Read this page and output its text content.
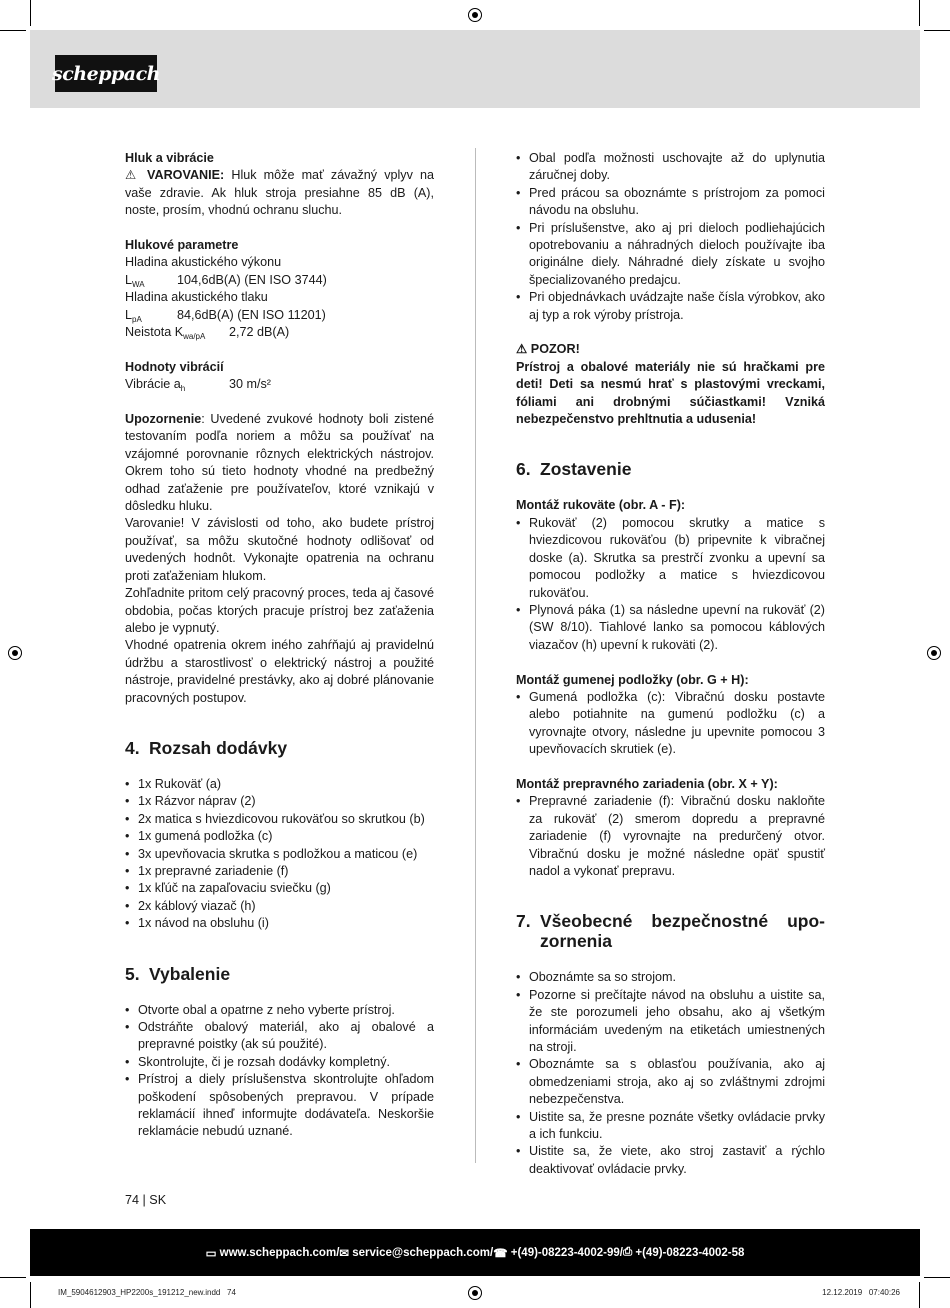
scheppach

Hluk a vibrácie

⚠ VAROVANIE: Hluk môže mať závažný vplyv na vaše zdravie. Ak hluk stroja presiahne 85 dB (A), noste, prosím, vhodnú ochranu sluchu.

Hlukové parametre

Hladina akustického výkonu

$L_{WA}$	104,6dB(A) (EN ISO 3744)

Hladina akustického tlaku

$L_{pA}$	84,6dB(A) (EN ISO 11201)
Neistota $K_{wa/pA}$	2,72 dB(A)

Hodnoty vibrácií

Vibrácie $a_h$	30 m/s²

Upozornenie: Uvedené zvukové hodnoty boli zistené testovaním podľa noriem a môžu sa používať na vzájomné porovnanie rôznych elektrických nástrojov. Okrem toho sú tieto hodnoty vhodné na predbežný odhad zaťaženie pre používateľov, ktoré vznikajú v dôsledku hluku.

Varovanie! V závislosti od toho, ako budete prístroj používať, sa môžu skutočné hodnoty odlišovať od uvedených hodnôt. Vykonajte opatrenia na ochranu proti zaťaženiam hlukom.

Zohľadnite pritom celý pracovný proces, teda aj časové obdobia, počas ktorých pracuje prístroj bez zaťaženia alebo je vypnutý.

Vhodné opatrenia okrem iného zahŕňajú aj pravidelnú údržbu a starostlivosť o elektrický nástroj a použité nástroje, pravidelné prestávky, ako aj dobré plánovanie pracovných postupov.

4. Rozsah dodávky

• 1x Rukoväť (a)
• 1x Rázvor náprav (2)
• 2x matica s hviezdicovou rukoväťou so skrutkou (b)
• 1x gumená podložka (c)
• 3x upevňovacia skrutka s podložkou a maticou (e)
• 1x prepravné zariadenie (f)
• 1x kľúč na zapaľovaciu sviečku (g)
• 2x káblový viazač (h)
• 1x návod na obsluhu (i)

5. Vybalenie

• Otvorte obal a opatrne z neho vyberte prístroj.
• Odstráňte obalový materiál, ako aj obalové a prepravné poistky (ak sú použité).
• Skontrolujte, či je rozsah dodávky kompletný.
• Prístroj a diely príslušenstva skontrolujte ohľadom poškodení spôsobených prepravou. V prípade reklamácií ihneď informujte dodávateľa. Neskoršie reklamácie nebudú uznané.
• Obal podľa možnosti uschovajte až do uplynutia záručnej doby.
• Pred prácou sa oboznámte s prístrojom za pomoci návodu na obsluhu.
• Pri príslušenstve, ako aj pri dieloch podliehajúcich opotrebovaniu a náhradných dieloch používajte iba originálne diely. Náhradné diely získate u svojho špecializovaného predajcu.
• Pri objednávkach uvádzajte naše čísla výrobkov, ako aj typ a rok výroby prístroja.

⚠ POZOR!

Prístroj a obalové materiály nie sú hračkami pre deti! Deti sa nesmú hrať s plastovými vreckami, fóliami ani drobnými súčiastkami! Vzniká nebezpečenstvo prehltnutia a udusenia!

6. Zostavenie

Montáž rukoväte (obr. A - F):

• Rukoväť (2) pomocou skrutky a matice s hviezdicovou rukoväťou (b) pripevnite k vibračnej doske (a). Skrutka sa prestrčí zvonku a upevní sa pomocou podložky a matice s hviezdicovou rukoväťou.
• Plynová páka (1) sa následne upevní na rukoväť (2) (SW 8/10). Tiahlové lanko sa pomocou káblových viazačov (h) upevní k rukoväti (2).

Montáž gumenej podložky (obr. G + H):

• Gumená podložka (c): Vibračnú dosku postavte alebo potiahnite na gumenú podložku (c) a vyrovnajte otvory, následne ju upevnite pomocou 3 upevňovacích skrutiek (e).

Montáž prepravného zariadenia (obr. X + Y):

• Prepravné zariadenie (f): Vibračnú dosku nakloňte za rukoväť (2) smerom dopredu a prepravné zariadenie (f) vyrovnajte na predurčený otvor. Vibračnú dosku je možné následne opäť spustiť nadol a vykonať prepravu.
7. Všeobecné bezpečnostné upo-
zornenia
• Oboznámte sa so strojom.
• Pozorne si prečítajte návod na obsluhu a uistite sa, že ste porozumeli jeho obsahu, ako aj všetkým informáciám uvedeným na etiketách umiestnených na stroji.
• Oboznámte sa s oblasťou používania, ako aj obmedzeniami stroja, ako aj so zvláštnymi zdrojmi nebezpečenstva.
• Uistite sa, že presne poznáte všetky ovládacie prvky a ich funkciu.
• Uistite sa, že viete, ako stroj zastaviť a rýchlo deaktivovať ovládacie prvky.
74 | SK
▭ www.scheppach.com / ✉ service@scheppach.com / ☎ +(49)-08223-4002-99 / ⎙ +(49)-08223-4002-58
IM_5904612903_HP2200s_191212_new.indd   74	12.12.2019   07:40:26
